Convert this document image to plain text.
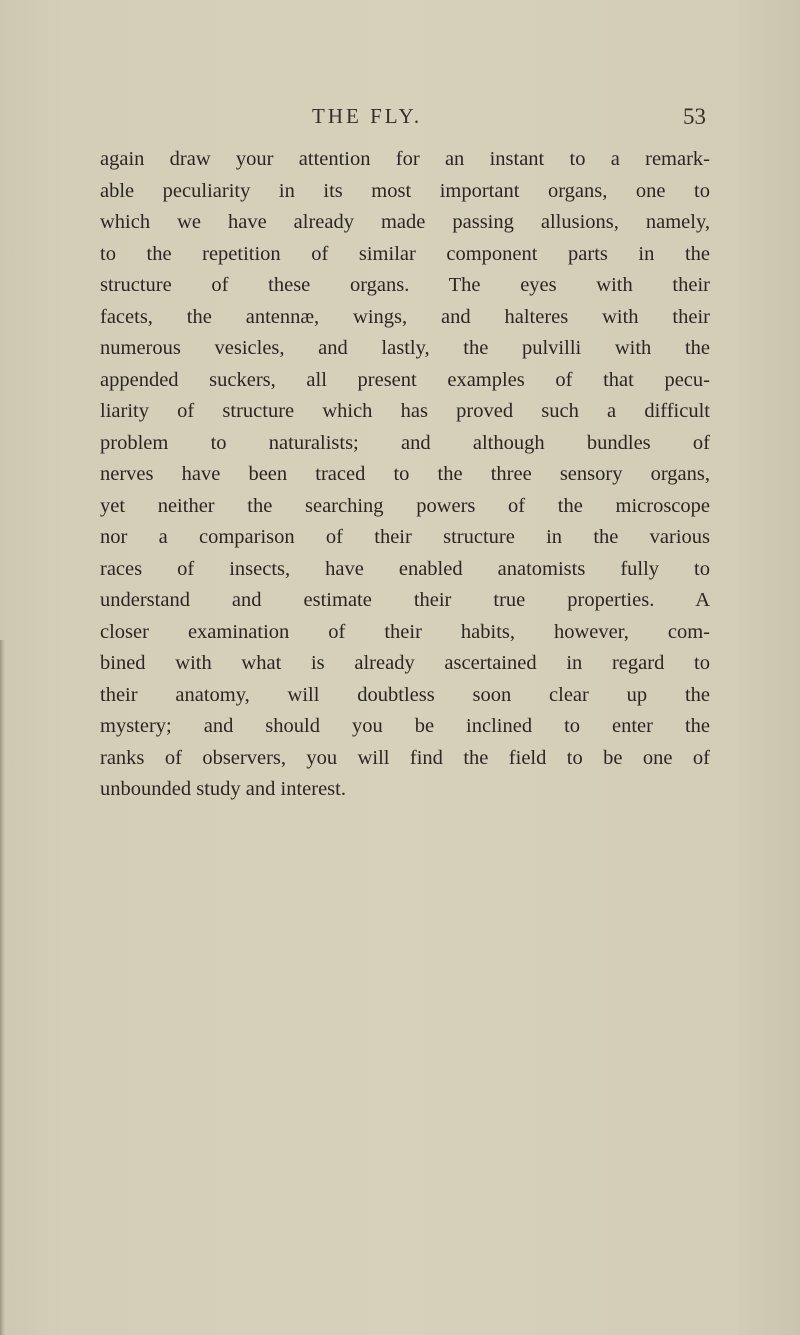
THE FLY.	53
again draw your attention for an instant to a remark-
able peculiarity in its most important organs, one to
which we have already made passing allusions, namely,
to the repetition of similar component parts in the
structure of these organs. The eyes with their
facets, the antennæ, wings, and halteres with their
numerous vesicles, and lastly, the pulvilli with the
appended suckers, all present examples of that pecu-
liarity of structure which has proved such a difficult
problem to naturalists; and although bundles of
nerves have been traced to the three sensory organs,
yet neither the searching powers of the microscope
nor a comparison of their structure in the various
races of insects, have enabled anatomists fully to
understand and estimate their true properties. A
closer examination of their habits, however, com-
bined with what is already ascertained in regard to
their anatomy, will doubtless soon clear up the
mystery; and should you be inclined to enter the
ranks of observers, you will find the field to be one of
unbounded study and interest.
